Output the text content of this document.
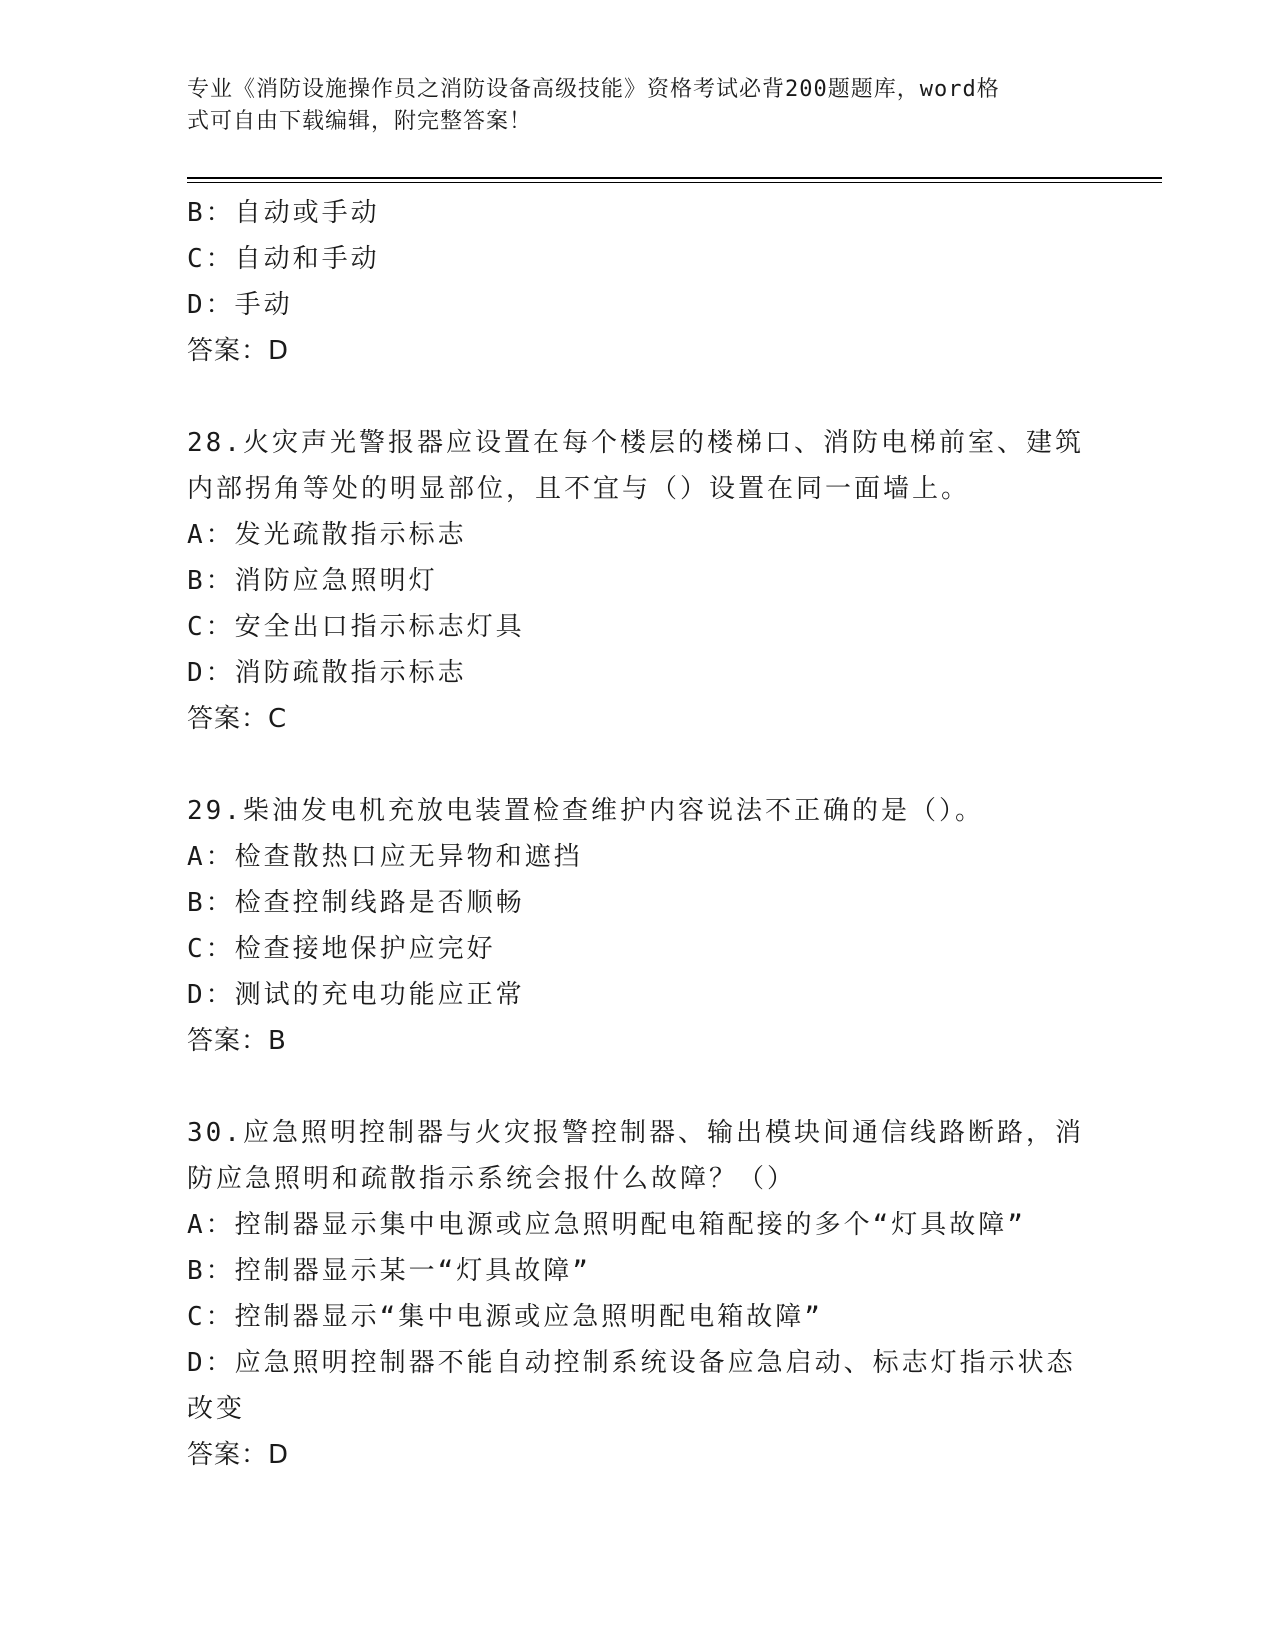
专业《消防设施操作员之消防设备高级技能》资格考试必背200题题库，word格
式可自由下载编辑，附完整答案！
B：自动或手动
C：自动和手动
D：手动
答案：D
28.火灾声光警报器应设置在每个楼层的楼梯口、消防电梯前室、建筑
内部拐角等处的明显部位，且不宜与（）设置在同一面墙上。
A：发光疏散指示标志
B：消防应急照明灯
C：安全出口指示标志灯具
D：消防疏散指示标志
答案：C
29.柴油发电机充放电装置检查维护内容说法不正确的是（）。
A：检查散热口应无异物和遮挡
B：检查控制线路是否顺畅
C：检查接地保护应完好
D：测试的充电功能应正常
答案：B
30.应急照明控制器与火灾报警控制器、输出模块间通信线路断路，消
防应急照明和疏散指示系统会报什么故障？（）
A：控制器显示集中电源或应急照明配电箱配接的多个“灯具故障”
B：控制器显示某一“灯具故障”
C：控制器显示“集中电源或应急照明配电箱故障”
D：应急照明控制器不能自动控制系统设备应急启动、标志灯指示状态
改变
答案：D
